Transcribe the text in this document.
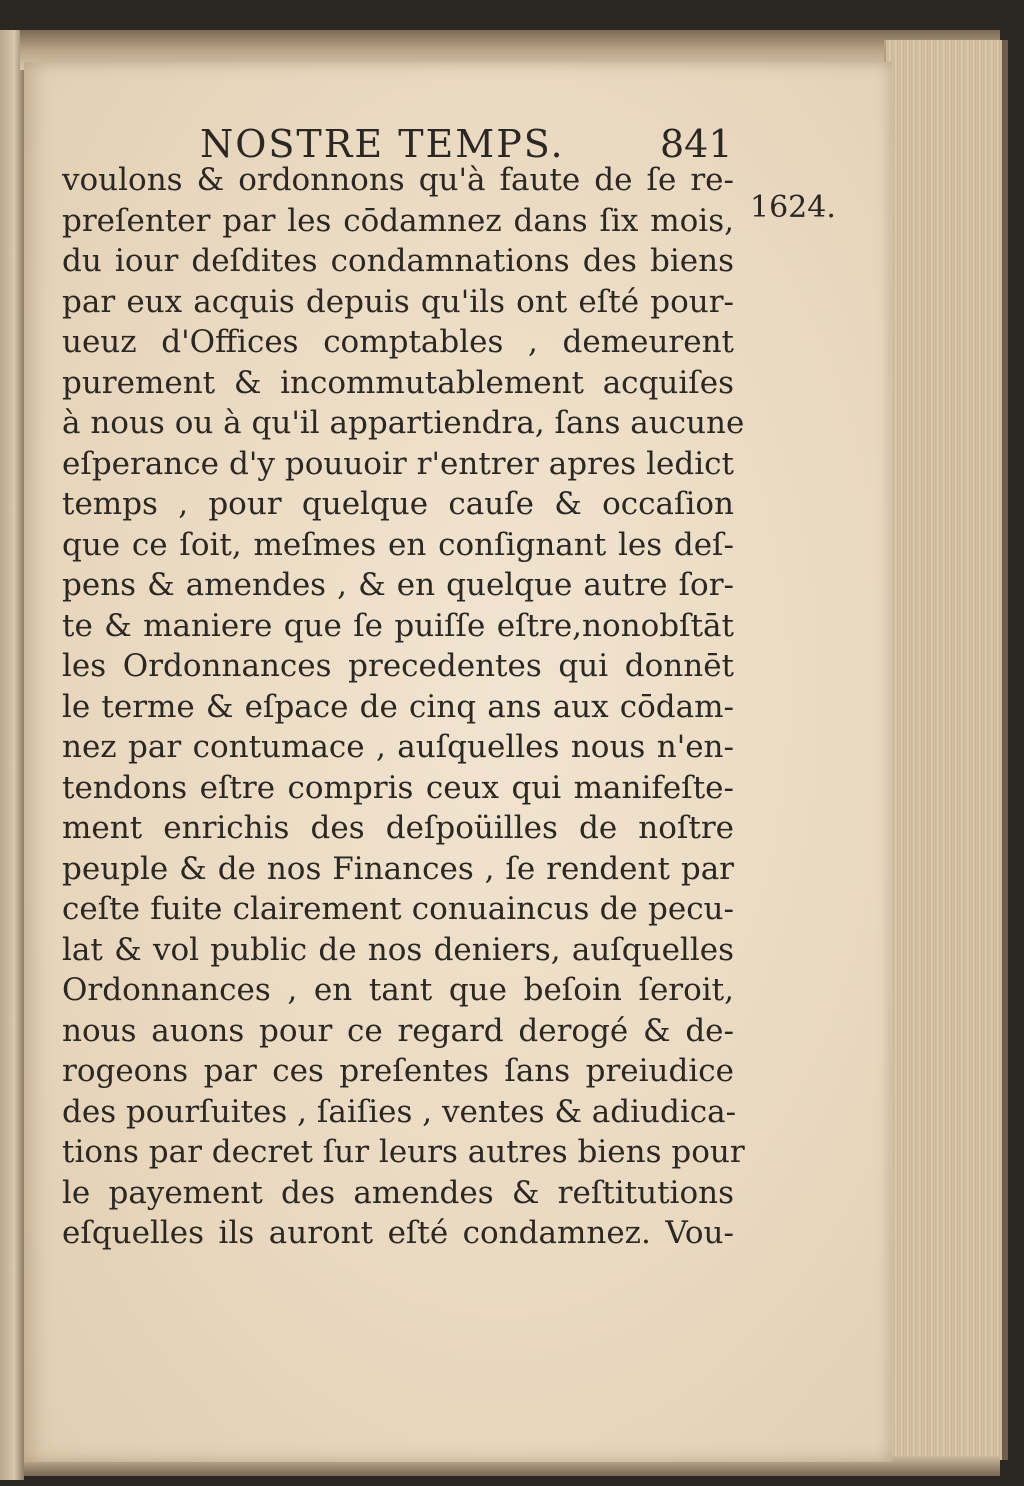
NOSTRE TEMPS.	841
1624.
voulons & ordonnons qu'à faute de ſe re-
preſenter par les cōdamnez dans ſix mois,
du iour deſdites condamnations des biens
par eux acquis depuis qu'ils ont eſté pour-
ueuz d'Offices comptables , demeurent
purement & incommutablement acquiſes
à nous ou à qu'il appartiendra, ſans aucune
eſperance d'y pouuoir r'entrer apres ledict
temps , pour quelque cauſe & occaſion
que ce ſoit, meſmes en conſignant les deſ-
pens & amendes , & en quelque autre ſor-
te & maniere que ſe puiſſe eſtre,nonobſtāt
les Ordonnances precedentes qui donnēt
le terme & eſpace de cinq ans aux cōdam-
nez par contumace , auſquelles nous n'en-
tendons eſtre compris ceux qui manifeſte-
ment enrichis des deſpoüilles de noſtre
peuple & de nos Finances , ſe rendent par
ceſte fuite clairement conuaincus de pecu-
lat & vol public de nos deniers, auſquelles
Ordonnances , en tant que beſoin ſeroit,
nous auons pour ce regard derogé & de-
rogeons par ces preſentes ſans preiudice
des pourſuites , ſaiſies , ventes & adiudica-
tions par decret ſur leurs autres biens pour
le payement des amendes & reſtitutions
eſquelles ils auront eſté condamnez. Vou-
